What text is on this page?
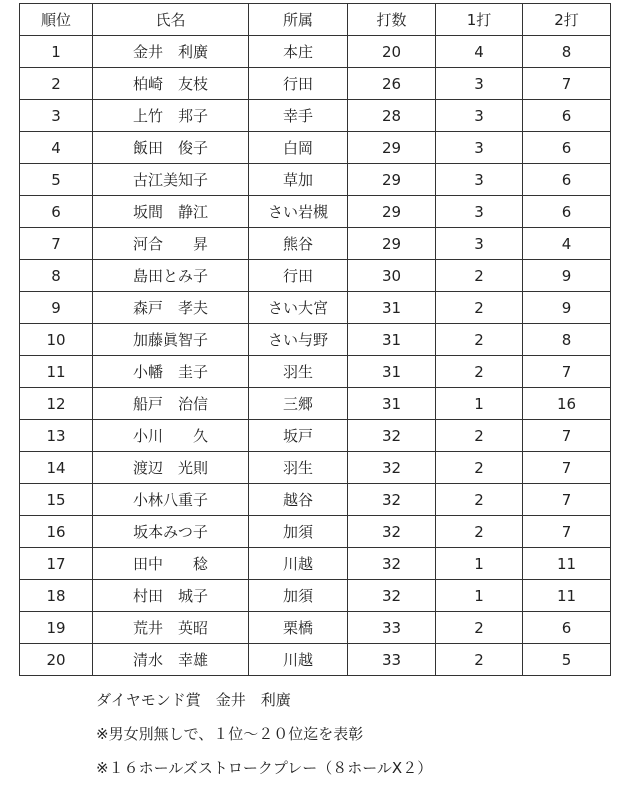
順位	氏名	所属	打数	1打	2打
1	金井　利廣	本庄	20	4	8
2	柏崎　友枝	行田	26	3	7
3	上竹　邦子	幸手	28	3	6
4	飯田　俊子	白岡	29	3	6
5	古江美知子	草加	29	3	6
6	坂間　静江	さい岩槻	29	3	6
7	河合　　昇	熊谷	29	3	4
8	島田とみ子	行田	30	2	9
9	森戸　孝夫	さい大宮	31	2	9
10	加藤眞智子	さい与野	31	2	8
11	小幡　圭子	羽生	31	2	7
12	船戸　治信	三郷	31	1	16
13	小川　　久	坂戸	32	2	7
14	渡辺　光則	羽生	32	2	7
15	小林八重子	越谷	32	2	7
16	坂本みつ子	加須	32	2	7
17	田中　　稔	川越	32	1	11
18	村田　城子	加須	32	1	11
19	荒井　英昭	栗橋	33	2	6
20	清水　幸雄	川越	33	2	5
ダイヤモンド賞　金井　利廣
※男女別無しで、１位～２０位迄を表彰
※１６ホールズストロークプレー（８ホールX２）
